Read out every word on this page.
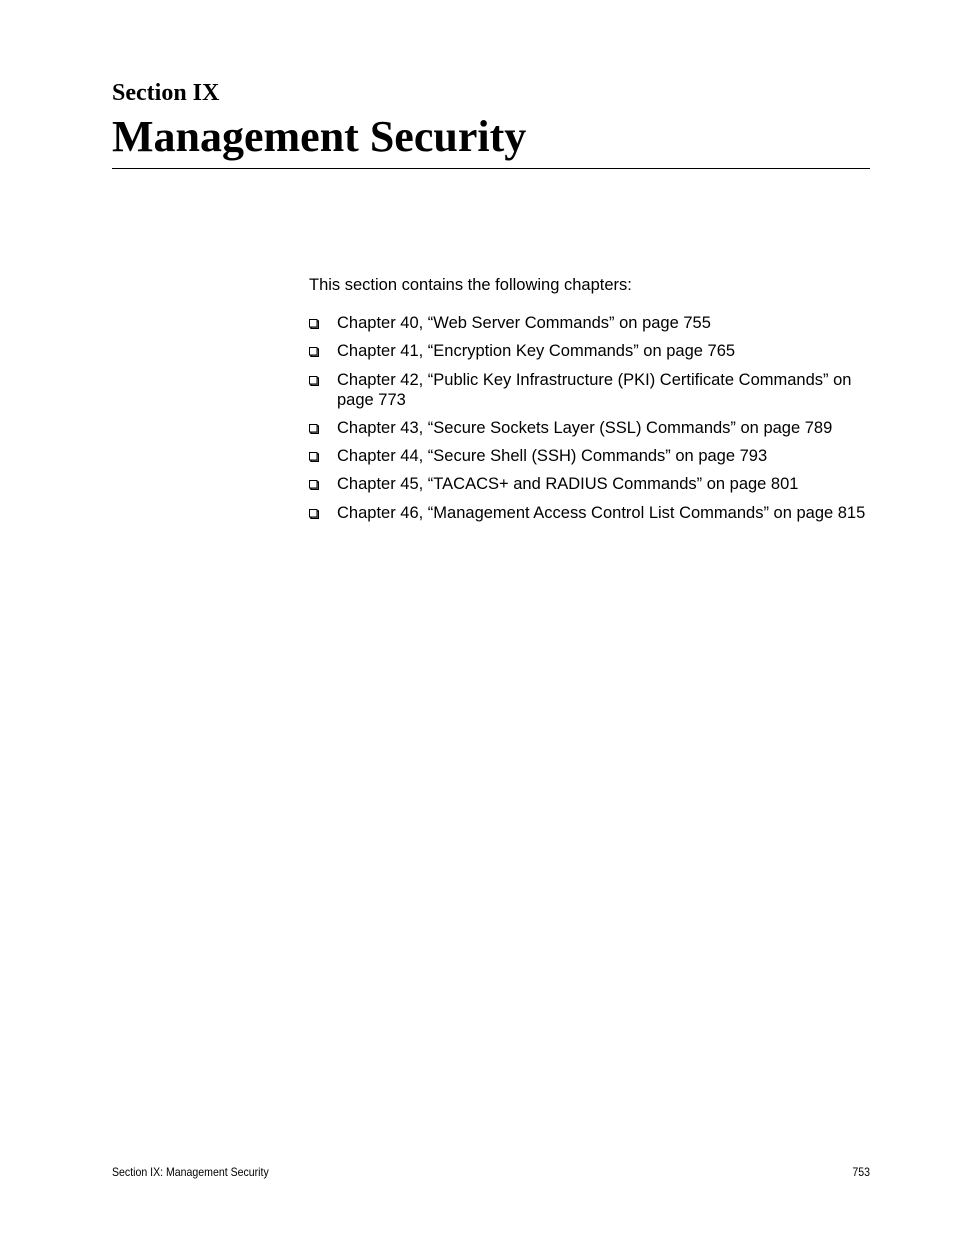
Section IX
Management Security

This section contains the following chapters:

Chapter 40, “Web Server Commands” on page 755
Chapter 41, “Encryption Key Commands” on page 765
Chapter 42, “Public Key Infrastructure (PKI) Certificate Commands” on page 773
Chapter 43, “Secure Sockets Layer (SSL) Commands” on page 789
Chapter 44, “Secure Shell (SSH) Commands” on page 793
Chapter 45, “TACACS+ and RADIUS Commands” on page 801
Chapter 46, “Management Access Control List Commands” on page 815
Section IX: Management Security	753
